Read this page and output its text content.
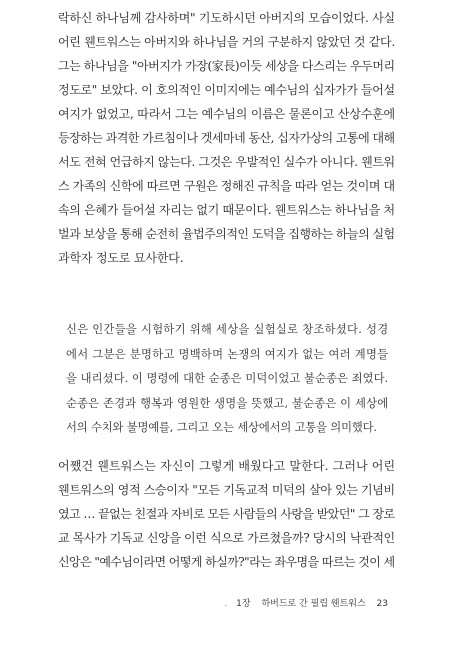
락하신 하나님께 감사하며" 기도하시던 아버지의 모습이었다. 사실
어린 웬트워스는 아버지와 하나님을 거의 구분하지 않았던 것 같다.
그는 하나님을 "아버지가 가장(家長)이듯 세상을 다스리는 우두머리
정도로" 보았다. 이 호의적인 이미지에는 예수님의 십자가가 들어설
여지가 없었고, 따라서 그는 예수님의 이름은 물론이고 산상수훈에
등장하는 과격한 가르침이나 겟세마네 동산, 십자가상의 고통에 대해
서도 전혀 언급하지 않는다. 그것은 우발적인 실수가 아니다. 웬트워
스 가족의 신학에 따르면 구원은 정해진 규칙을 따라 얻는 것이며 대
속의 은혜가 들어설 자리는 없기 때문이다. 웬트워스는 하나님을 처
벌과 보상을 통해 순전히 율법주의적인 도덕을 집행하는 하늘의 실험
과학자 정도로 묘사한다.
신은 인간들을 시험하기 위해 세상을 실험실로 창조하셨다. 성경
에서 그분은 분명하고 명백하며 논쟁의 여지가 없는 여러 계명들
을 내리셨다. 이 명령에 대한 순종은 미덕이었고 불순종은 죄였다.
순종은 존경과 행복과 영원한 생명을 뜻했고, 불순종은 이 세상에
서의 수치와 불명예를, 그리고 오는 세상에서의 고통을 의미했다.
어쨌건 웬트워스는 자신이 그렇게 배웠다고 말한다. 그러나 어린
웬트워스의 영적 스승이자 "모든 기독교적 미덕의 살아 있는 기념비
였고 … 끝없는 친절과 자비로 모든 사람들의 사랑을 받았던" 그 장로
교 목사가 기독교 신앙을 이런 식으로 가르쳤을까? 당시의 낙관적인
신앙은 "예수님이라면 어떻게 하실까?"라는 좌우명을 따르는 것이 세
. 1장 하버드로 간 필립 웬트워스 23
